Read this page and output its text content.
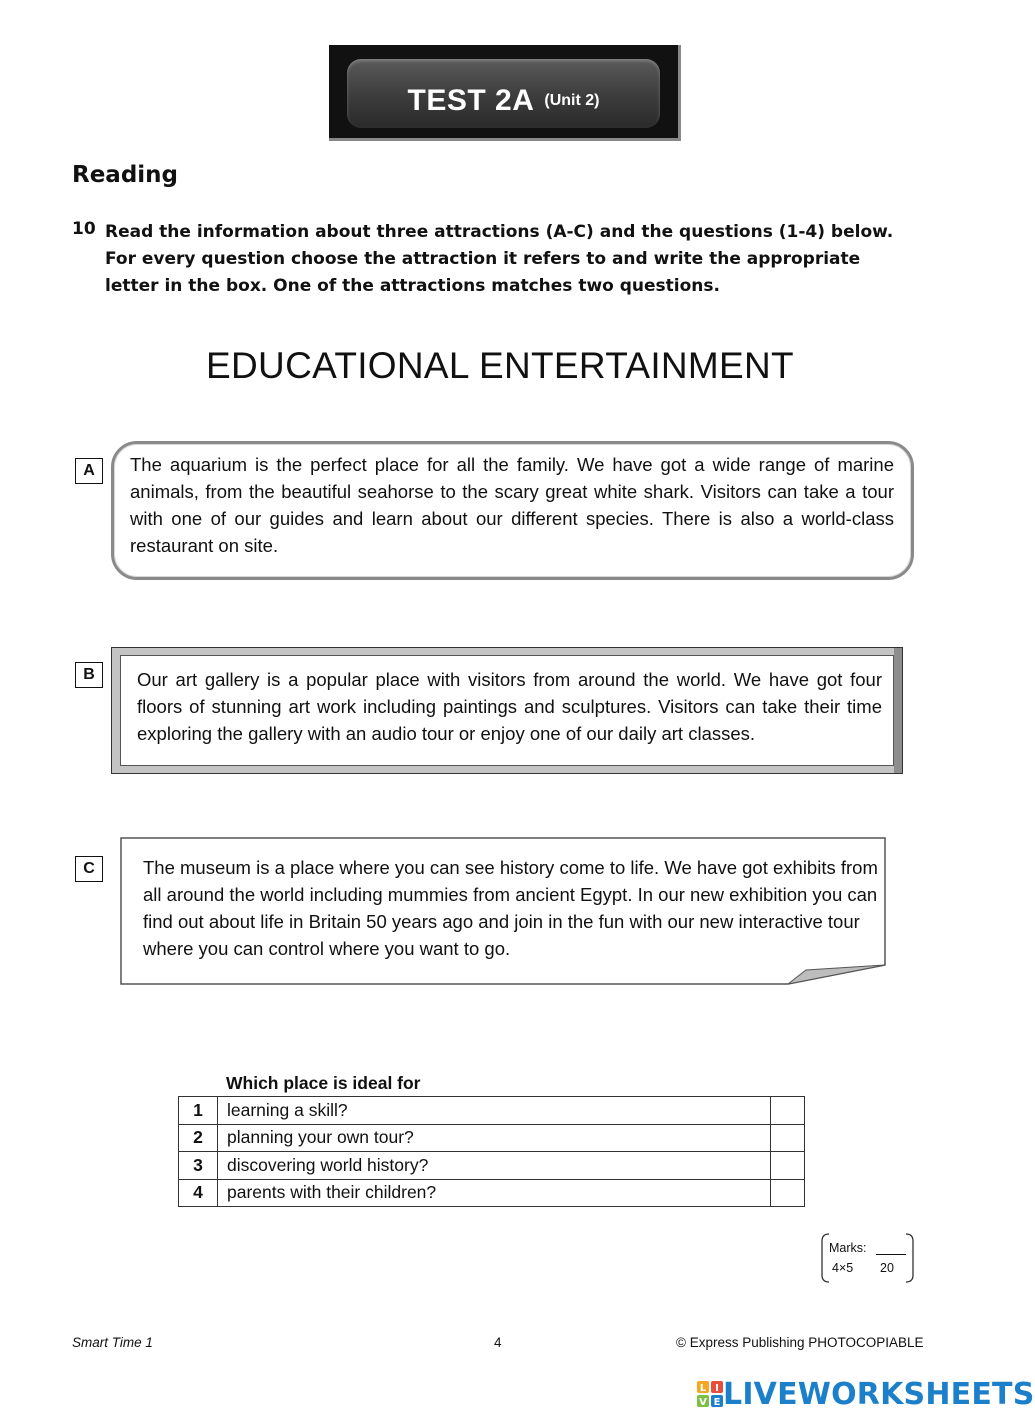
TEST 2A (Unit 2)
Reading
10 Read the information about three attractions (A-C) and the questions (1-4) below.
For every question choose the attraction it refers to and write the appropriate
letter in the box. One of the attractions matches two questions.
EDUCATIONAL ENTERTAINMENT
A	The aquarium is the perfect place for all the family. We have got a wide range of marine animals, from the beautiful seahorse to the scary great white shark. Visitors can take a tour with one of our guides and learn about our different species. There is also a world-class restaurant on site.
B	Our art gallery is a popular place with visitors from around the world. We have got four floors of stunning art work including paintings and sculptures. Visitors can take their time exploring the gallery with an audio tour or enjoy one of our daily art classes.
C	The museum is a place where you can see history come to life. We have got exhibits from all around the world including mummies from ancient Egypt. In our new exhibition you can find out about life in Britain 50 years ago and join in the fun with our new interactive tour where you can control where you want to go.
Which place is ideal for
1	learning a skill?	
2	planning your own tour?	
3	discovering world history?	
4	parents with their children?	
Marks:
4×5 20
Smart Time 1	4	© Express Publishing PHOTOCOPIABLE
L I
V E LIVEWORKSHEETS
